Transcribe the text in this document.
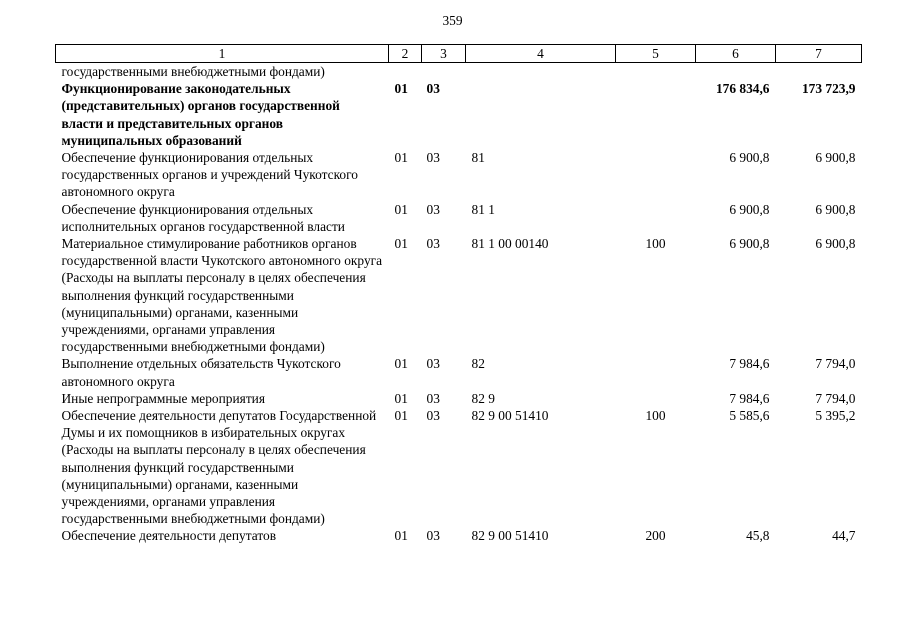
359
1	2	3	4	5	6	7
государственными внебюджетными фондами)						
Функционирование законодательных (представительных) органов государственной власти и представительных органов муниципальных образований	01	03			176 834,6	173 723,9
Обеспечение функционирования отдельных государственных органов и учреждений Чукотского автономного округа	01	03	81		6 900,8	6 900,8
Обеспечение функционирования отдельных исполнительных органов государственной власти	01	03	81 1		6 900,8	6 900,8
Материальное стимулирование работников органов государственной власти Чукотского автономного округа (Расходы на выплаты персоналу в целях обеспечения выполнения функций государственными (муниципальными) органами, казенными учреждениями, органами управления государственными внебюджетными фондами)	01	03	81 1 00 00140	100	6 900,8	6 900,8
Выполнение отдельных обязательств Чукотского автономного округа	01	03	82		7 984,6	7 794,0
Иные непрограммные мероприятия	01	03	82 9		7 984,6	7 794,0
Обеспечение деятельности депутатов Государственной Думы и их помощников в избирательных округах (Расходы на выплаты персоналу в целях обеспечения выполнения функций государственными (муниципальными) органами, казенными учреждениями, органами управления государственными внебюджетными фондами)	01	03	82 9 00 51410	100	5 585,6	5 395,2
Обеспечение деятельности депутатов	01	03	82 9 00 51410	200	45,8	44,7
